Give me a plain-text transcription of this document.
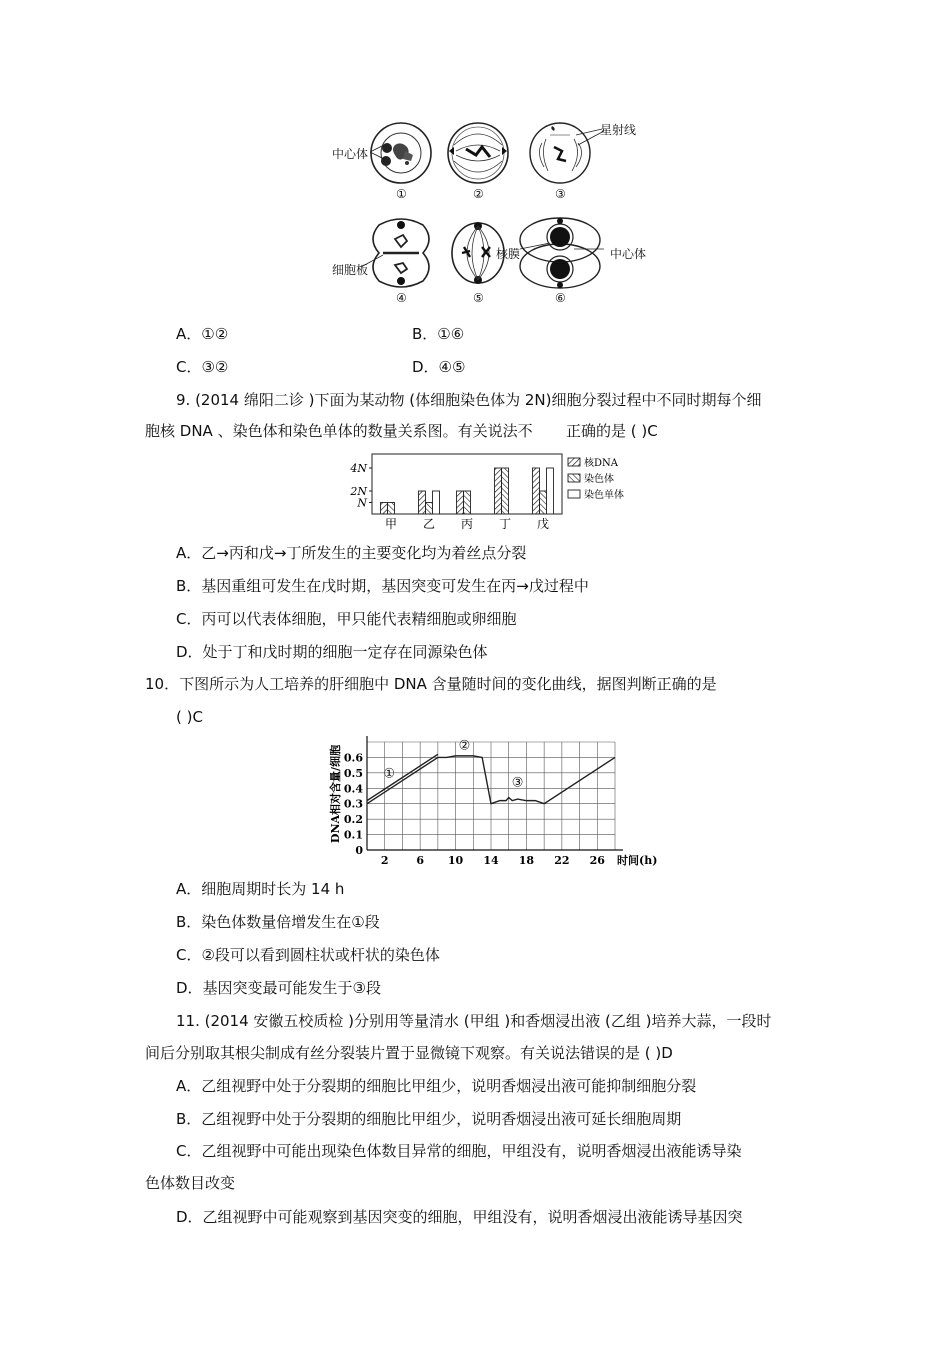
中心体
星射线
细胞板
核膜	中心体
①	②	③
④	⑤	⑥
A．①②	B．①⑥
C．③②	D．④⑤
9. (2014 绵阳二诊 )下面为某动物 (体细胞染色体为 2N)细胞分裂过程中不同时期每个细
胞核 DNA 、染色体和染色单体的数量关系图。有关说法不 正确的是 ( )C
N
2N
4N
甲 乙 丙 丁 戊
核DNA
染色体
染色单体
A．乙→丙和戊→丁所发生的主要变化均为着丝点分裂
B．基因重组可发生在戊时期，基因突变可发生在丙→戊过程中
C．丙可以代表体细胞，甲只能代表精细胞或卵细胞
D．处于丁和戊时期的细胞一定存在同源染色体
10．下图所示为人工培养的肝细胞中 DNA 含量随时间的变化曲线，据图判断正确的是
( )C
2	6 10 14 18 22 26
0
0.1
0.2
0.3
0.4
0.5
0.6
时间(h)
DNA相对含量/细胞	①
②
③
A．细胞周期时长为 14 h
B．染色体数量倍增发生在①段
C．②段可以看到圆柱状或杆状的染色体
D．基因突变最可能发生于③段
11. (2014 安徽五校质检 )分别用等量清水 (甲组 )和香烟浸出液 (乙组 )培养大蒜，一段时
间后分别取其根尖制成有丝分裂装片置于显微镜下观察。有关说法错误的是 ( )D
A．乙组视野中处于分裂期的细胞比甲组少，说明香烟浸出液可能抑制细胞分裂
B．乙组视野中处于分裂期的细胞比甲组少，说明香烟浸出液可延长细胞周期
C．乙组视野中可能出现染色体数目异常的细胞，甲组没有，说明香烟浸出液能诱导染
色体数目改变
D．乙组视野中可能观察到基因突变的细胞，甲组没有，说明香烟浸出液能诱导基因突
